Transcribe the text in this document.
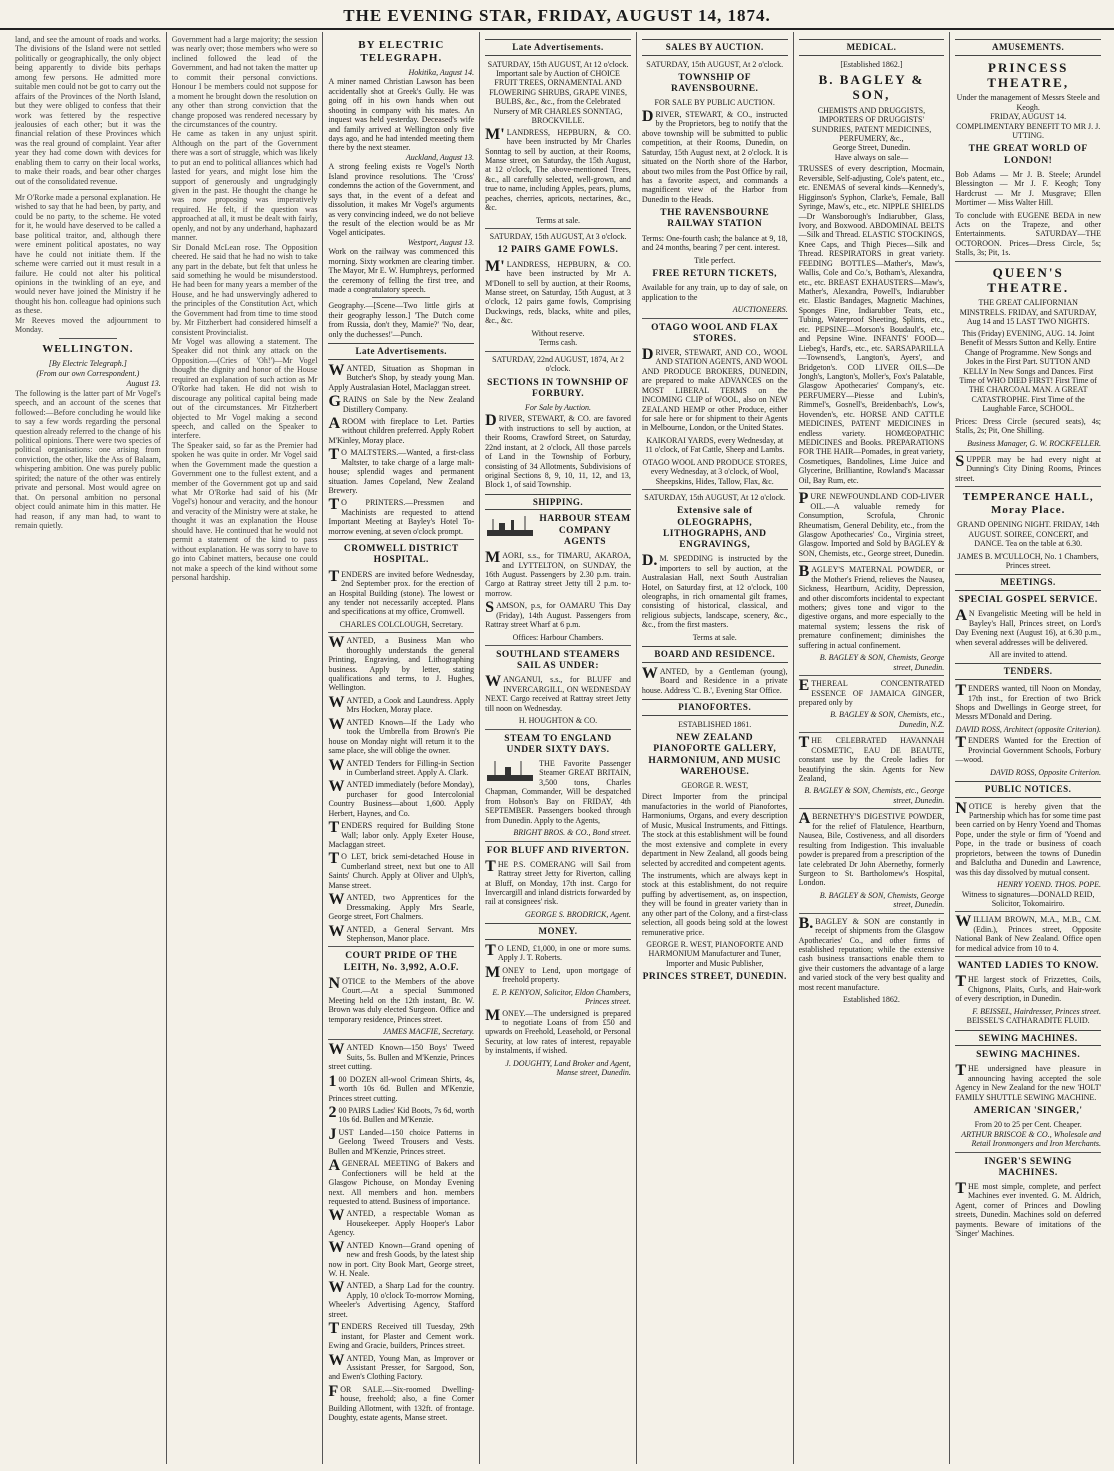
THE EVENING STAR, FRIDAY, AUGUST 14, 1874.

land, and see the amount of roads and works. The divisions of the Island were not settled politically or geographically, the only object being apparently to divide bits perhaps among few persons. He admitted more suitable men could not be got to carry out the affairs of the Provinces of the North Island, but they were obliged to confess that their work was fettered by the respective jealousies of each other; but it was the financial relation of these Provinces which was the real ground of complaint. Year after year they had come down with devices for enabling them to carry on their local works, to make their roads, and bear other charges out of the consolidated revenue.

Mr O'Rorke made a personal explanation. He wished to say that he had been, by party, and could be no party, to the scheme. He voted for it, he would have deserved to be called a base political traitor, and, although there were eminent political apostates, no way have he could not initiate them. If the scheme were carried out it must result in a failure. He could not alter his political opinions in the twinkling of an eye, and would never have joined the Ministry if he thought his hon. colleague had opinions such as these.

Mr Reeves moved the adjournment to Monday.

WELLINGTON.
[By Electric Telegraph.]
(From our own Correspondent.)
August 13.

The following is the latter part of Mr Vogel's speech, and an account of the scenes that followed:—Before concluding he would like to say a few words regarding the personal question already referred to the change of his political opinions. There were two species of political organisations: one arising from conviction, the other, like the Ass of Balaam, whispering ambition. One was purely public spirited; the nature of the other was entirely private and personal. Most would agree on that. On personal ambition no personal object could animate him in this matter. He had reason, if any man had, to want to remain quietly.

Government had a large majority; the session was nearly over; those members who were so inclined followed the lead of the Government, and had not taken the matter up to commit their personal convictions. Honour I be members could not suppose for a moment he brought down the resolution on any other than strong conviction that the change proposed was rendered necessary by the circumstances of the country.

He came as taken in any unjust spirit. Although on the part of the Government there was a sort of struggle, which was likely to put an end to political alliances which had lasted for years, and might lose him the support of generously and ungrudgingly given in the past. He thought the change he was now proposing was imperatively required. He felt, if the question was approached at all, it must be dealt with fairly, openly, and not by any underhand, haphazard manner.

Sir Donald McLean rose. The Opposition cheered. He said that he had no wish to take any part in the debate, but felt that unless he said something he would be misunderstood. He had been for many years a member of the House, and he had unswervingly adhered to the principles of the Constitution Act, which the Government had from time to time stood by. Mr Fitzherbert had considered himself a consistent Provincialist.

Mr Vogel was allowing a statement. The Speaker did not think any attack on the Opposition.—(Cries of 'Oh!')—Mr Vogel thought the dignity and honor of the House required an explanation of such action as Mr O'Rorke had taken. He did not wish to discourage any political capital being made out of the circumstances. Mr Fitzherbert objected to Mr Vogel making a second speech, and called on the Speaker to interfere.

The Speaker said, so far as the Premier had spoken he was quite in order. Mr Vogel said when the Government made the question a Government one to the fullest extent, and a member of the Government got up and said what Mr O'Rorke had said of his (Mr Vogel's) honour and veracity, and the honour and veracity of the Ministry were at stake, he thought it was an explanation the House should have. He continued that he would not permit a statement of the kind to pass without explanation. He was sorry to have to go into Cabinet matters, because one could not make a speech of the kind without some personal hardship.

BY ELECTRIC TELEGRAPH.
Hokitika, August 14.

A miner named Christian Lawson has been accidentally shot at Greek's Gully. He was going off in his own hands when out shooting in company with his mates. An inquest was held yesterday. Deceased's wife and family arrived at Wellington only five days ago, and he had intended meeting them there by the next steamer.

Auckland, August 13.

A strong feeling exists re Vogel's North Island province resolutions. The 'Cross' condemns the action of the Government, and says that, in the event of a defeat and dissolution, it makes Mr Vogel's arguments as very convincing indeed, we do not believe the result of the election would be as Mr Vogel anticipates.

Westport, August 13.

Work on the railway was commenced this morning. Sixty workmen are clearing timber. The Mayor, Mr E. W. Humphreys, performed the ceremony of felling the first tree, and made a congratulatory speech.

Geography.—[Scene—Two little girls at their geography lesson.] 'The Dutch come from Russia, don't they, Mamie?' 'No, dear, only the duchesses!'—Punch.

Late Advertisements.
WANTED, Situation as Shopman in Butcher's Shop, by steady young Man. Apply Australasian Hotel, Maclaggan street.
GRAINS on Sale by the New Zealand Distillery Company.
AROOM with fireplace to Let. Parties without children preferred. Apply Robert M'Kinley, Moray place.
TO MALTSTERS.—Wanted, a first-class Maltster, to take charge of a large malt-house; splendid wages and permanent situation. James Copeland, New Zealand Brewery.
TO PRINTERS.—Pressmen and Machinists are requested to attend Important Meeting at Bayley's Hotel To-morrow evening, at seven o'clock prompt.
CROMWELL DISTRICT HOSPITAL.
TENDERS are invited before Wednesday, 2nd September prox. for the erection of an Hospital Building (stone). The lowest or any tender not necessarily accepted. Plans and specifications at my office, Cromwell.
CHARLES COLCLOUGH, Secretary.
WANTED, a Business Man who thoroughly understands the general Printing, Engraving, and Lithographing business. Apply by letter, stating qualifications and terms, to J. Hughes, Wellington.
WANTED, a Cook and Laundress. Apply Mrs Hocken, Moray place.
WANTED Known—If the Lady who took the Umbrella from Brown's Pie house on Monday night will return it to the same place, she will oblige the owner.
WANTED Tenders for Filling-in Section in Cumberland street. Apply A. Clark.
WANTED immediately (before Monday), purchaser for good Intercolonial Country Business—about 1,600. Apply Herbert, Haynes, and Co.
TENDERS required for Building Stone Wall; labor only. Apply Exeter House, Maclaggan street.
TO LET, brick semi-detached House in Cumberland street, next but one to All Saints' Church. Apply at Oliver and Ulph's, Manse street.
WANTED, two Apprentices for the Dressmaking. Apply Mrs Searle, George street, Fort Chalmers.
WANTED, a General Servant. Mrs Stephenson, Manor place.
COURT PRIDE OF THE LEITH, No. 3,992, A.O.F.
NOTICE to the Members of the above Court.—At a special Summoned Meeting held on the 12th instant, Br. W. Brown was duly elected Surgeon. Office and temporary residence, Princes street.
JAMES MACFIE, Secretary.
WANTED Known—150 Boys' Tweed Suits, 5s. Bullen and M'Kenzie, Princes street cutting.
100 DOZEN all-wool Crimean Shirts, 4s, worth 10s 6d. Bullen and M'Kenzie, Princes street cutting.
200 PAIRS Ladies' Kid Boots, 7s 6d, worth 10s 6d. Bullen and M'Kenzie.
JUST Landed—150 choice Patterns in Geelong Tweed Trousers and Vests. Bullen and M'Kenzie, Princes street.
AGENERAL MEETING of Bakers and Confectioners will be held at the Glasgow Pichouse, on Monday Evening next. All members and hon. members requested to attend. Business of importance.
WANTED, a respectable Woman as Housekeeper. Apply Hooper's Labor Agency.
WANTED Known—Grand opening of new and fresh Goods, by the latest ship now in port. City Book Mart, George street, W. H. Neale.
WANTED, a Sharp Lad for the country. Apply, 10 o'clock To-morrow Morning, Wheeler's Advertising Agency, Stafford street.
TENDERS Received till Tuesday, 29th instant, for Plaster and Cement work. Ewing and Gracie, builders, Princes street.
WANTED, Young Man, as Improver or Assistant Presser, for Sargood, Son, and Ewen's Clothing Factory.
FOR SALE.—Six-roomed Dwelling-house, freehold; also, a fine Corner Building Allotment, with 132ft. of frontage. Doughty, estate agents, Manse street.
Late Advertisements.
SATURDAY, 15th AUGUST, At 12 o'clock.
Important sale by Auction of CHOICE FRUIT TREES, ORNAMENTAL AND FLOWERING SHRUBS, GRAPE VINES, BULBS, &c., &c., from the Celebrated Nursery of MR CHARLES SONNTAG, BROCKVILLE.
M'LANDRESS, HEPBURN, & CO. have been instructed by Mr Charles Sonntag to sell by auction, at their Rooms, Manse street, on Saturday, the 15th August, at 12 o'clock, The above-mentioned Trees, &c., all carefully selected, well-grown, and true to name, including Apples, pears, plums, peaches, cherries, apricots, nectarines, &c., &c.
Terms at sale.
SATURDAY, 15th AUGUST, At 3 o'clock.
12 PAIRS GAME FOWLS.
M'LANDRESS, HEPBURN, & CO. have been instructed by Mr A. M'Donell to sell by auction, at their Rooms, Manse street, on Saturday, 15th August, at 3 o'clock, 12 pairs game fowls, Comprising Duckwings, reds, blacks, white and piles, &c., &c.
Without reserve.
Terms cash.
SATURDAY, 22nd AUGUST, 1874, At 2 o'clock.
SECTIONS IN TOWNSHIP OF FORBURY.
For Sale by Auction.
DRIVER, STEWART, & CO. are favored with instructions to sell by auction, at their Rooms, Crawford Street, on Saturday, 22nd instant, at 2 o'clock, All those parcels of Land in the Township of Forbury, consisting of 34 Allotments, Subdivisions of original Sections 8, 9, 10, 11, 12, and 13, Block 1, of said Township.
SHIPPING.
HARBOUR STEAM COMPANY AGENTS
MAORI, s.s., for TIMARU, AKAROA, and LYTTELTON, on SUNDAY, the 16th August. Passengers by 2.30 p.m. train. Cargo at Rattray street Jetty till 2 p.m. to-morrow.
SAMSON, p.s, for OAMARU This Day (Friday), 14th August. Passengers from Rattray street Wharf at 6 p.m.
Offices: Harbour Chambers.
SOUTHLAND STEAMERS SAIL AS UNDER:
WANGANUI, s.s., for BLUFF and INVERCARGILL, ON WEDNESDAY NEXT. Cargo received at Rattray street Jetty till noon on Wednesday.
H. HOUGHTON & CO.
STEAM TO ENGLAND UNDER SIXTY DAYS.
THE Favorite Passenger Steamer GREAT BRITAIN, 3,500 tons, Charles Chapman, Commander, Will be despatched from Hobson's Bay on FRIDAY, 4th SEPTEMBER. Passengers booked through from Dunedin. Apply to the Agents,
BRIGHT BROS. & CO., Bond street.
FOR BLUFF AND RIVERTON.
THE P.S. COMERANG will Sail from Rattray street Jetty for Riverton, calling at Bluff, on Monday, 17th inst. Cargo for Invercargill and inland districts forwarded by rail at consignees' risk.
GEORGE S. BRODRICK, Agent.
MONEY.
TO LEND, £1,000, in one or more sums. Apply J. T. Roberts.
MONEY to Lend, upon mortgage of freehold property.
E. P. KENYON, Solicitor, Eldon Chambers, Princes street.
MONEY.—The undersigned is prepared to negotiate Loans of from £50 and upwards on Freehold, Leasehold, or Personal Security, at low rates of interest, repayable by instalments, if wished.
J. DOUGHTY, Land Broker and Agent, Manse street, Dunedin.
SALES BY AUCTION.
SATURDAY, 15th AUGUST, At 2 o'clock.
TOWNSHIP OF RAVENSBOURNE.
FOR SALE BY PUBLIC AUCTION.
DRIVER, STEWART, & CO., instructed by the Proprietors, beg to notify that the above township will be submitted to public competition, at their Rooms, Dunedin, on Saturday, 15th August next, at 2 o'clock. It is situated on the North shore of the Harbor, about two miles from the Post Office by rail, has a favorite aspect, and commands a magnificent view of the Harbor from Dunedin to the Heads.
THE RAVENSBOURNE RAILWAY STATION
Terms: One-fourth cash; the balance at 9, 18, and 24 months, bearing 7 per cent. interest.
Title perfect.
FREE RETURN TICKETS,
Available for any train, up to day of sale, on application to the
AUCTIONEERS.
OTAGO WOOL AND FLAX STORES.
DRIVER, STEWART, AND CO., WOOL AND STATION AGENTS, AND WOOL AND PRODUCE BROKERS, DUNEDIN, are prepared to make ADVANCES on the MOST LIBERAL TERMS on the INCOMING CLIP of WOOL, also on NEW ZEALAND HEMP or other Produce, either for sale here or for shipment to their Agents in Melbourne, London, or the United States.
KAIKORAI YARDS, every Wednesday, at 11 o'clock, of Fat Cattle, Sheep and Lambs.
OTAGO WOOL AND PRODUCE STORES, every Wednesday, at 3 o'clock, of Wool, Sheepskins, Hides, Tallow, Flax, &c.
SATURDAY, 15th AUGUST, At 12 o'clock.
Extensive sale of OLEOGRAPHS, LITHOGRAPHS, AND ENGRAVINGS,
D.M. SPEDDING is instructed by the importers to sell by auction, at the Australasian Hall, next South Australian Hotel, on Saturday first, at 12 o'clock, 100 oleographs, in rich ornamental gilt frames, consisting of historical, classical, and religious subjects, landscape, scenery, &c., &c., from the first masters.
Terms at sale.
BOARD AND RESIDENCE.
WANTED, by a Gentleman (young), Board and Residence in a private house. Address 'C. B.', Evening Star Office.
PIANOFORTES.
ESTABLISHED 1861.
NEW ZEALAND PIANOFORTE GALLERY, HARMONIUM, AND MUSIC WAREHOUSE.
GEORGE R. WEST,
Direct Importer from the principal manufactories in the world of Pianofortes, Harmoniums, Organs, and every description of Music, Musical Instruments, and Fittings. The stock at this establishment will be found the most extensive and complete in every department in New Zealand, all goods being selected by accredited and competent agents.
The instruments, which are always kept in stock at this establishment, do not require puffing by advertisement, as, on inspection, they will be found in greater variety than in any other part of the Colony, and a first-class selection, all goods being sold at the lowest remunerative price.
GEORGE R. WEST, PIANOFORTE AND HARMONIUM Manufacturer and Tuner, Importer and Music Publisher,
PRINCES STREET, DUNEDIN.
MEDICAL.
[Established 1862.]
B. BAGLEY & SON,
CHEMISTS AND DRUGGISTS, IMPORTERS OF DRUGGISTS' SUNDRIES, PATENT MEDICINES, PERFUMERY, &c.,
George Street, Dunedin.
Have always on sale—
TRUSSES of every description, Mocmain, Reversible, Self-adjusting, Cole's patent, etc., etc. ENEMAS of several kinds—Kennedy's, Higginson's Syphon, Clarke's, Female, Ball Syringe, Maw's, etc., etc. NIPPLE SHIELDS—Dr Wansborough's Indiarubber, Glass, Ivory, and Boxwood. ABDOMINAL BELTS—Silk and Thread. ELASTIC STOCKINGS, Knee Caps, and Thigh Pieces—Silk and Thread. RESPIRATORS in great variety. FEEDING BOTTLES—Mather's, Maw's, Wallis, Cole and Co.'s, Botham's, Alexandra, etc., etc. BREAST EXHAUSTERS—Maw's, Mather's, Alexandra, Powell's, Indiarubber etc. Elastic Bandages, Magnetic Machines, Sponges Fine, Indiarubber Teats, etc., Tubing, Waterproof Sheeting, Splints, etc., etc. PEPSINE—Morson's Boudault's, etc., and Pepsine Wine. INFANTS' FOOD—Liebeg's, Hard's, etc., etc. SARSAPARILLA—Townsend's, Langton's, Ayers', and Bridgeton's. COD LIVER OILS—De Jongh's, Langton's, Moller's, Fox's Palatable, Glasgow Apothecaries' Company's, etc. PERFUMERY—Piesse and Lubin's, Rimmel's, Gosnell's, Breidenbach's, Low's, Hovenden's, etc. HORSE AND CATTLE MEDICINES, PATENT MEDICINES in endless variety. HOMŒOPATHIC MEDICINES and Books. PREPARATIONS FOR THE HAIR—Pomades, in great variety, Cosmetiques, Bandolines, Lime Juice and Glycerine, Brilliantine, Rowland's Macassar Oil, Bay Rum, etc.
PURE NEWFOUNDLAND COD-LIVER OIL.—A valuable remedy for Consumption, Scrofula, Chronic Rheumatism, General Debility, etc., from the Glasgow Apothecaries' Co., Virginia street, Glasgow. Imported and Sold by BAGLEY & SON, Chemists, etc., George street, Dunedin.
BAGLEY'S MATERNAL POWDER, or the Mother's Friend, relieves the Nausea, Sickness, Heartburn, Acidity, Depression, and other discomforts incidental to expectant mothers; gives tone and vigor to the digestive organs, and more especially to the maternal system; lessens the risk of premature confinement; diminishes the suffering in actual confinement.
B. BAGLEY & SON, Chemists, George street, Dunedin.
ETHEREAL CONCENTRATED ESSENCE OF JAMAICA GINGER, prepared only by
B. BAGLEY & SON, Chemists, etc., Dunedin, N.Z.
THE CELEBRATED HAVANNAH COSMETIC, EAU DE BEAUTE, constant use by the Creole ladies for beautifying the skin. Agents for New Zealand,
B. BAGLEY & SON, Chemists, etc., George street, Dunedin.
ABERNETHY'S DIGESTIVE POWDER, for the relief of Flatulence, Heartburn, Nausea, Bile, Costiveness, and all disorders resulting from Indigestion. This invaluable powder is prepared from a prescription of the late celebrated Dr John Abernethy, formerly Surgeon to St. Bartholomew's Hospital, London.
B. BAGLEY & SON, Chemists, George street, Dunedin.
B.BAGLEY & SON are constantly in receipt of shipments from the Glasgow Apothecaries' Co., and other firms of established reputation; while the extensive cash business transactions enable them to give their customers the advantage of a large and varied stock of the very best quality and most recent manufacture.
Established 1862.
AMUSEMENTS.
PRINCESS THEATRE,
Under the management of Messrs Steele and Keogh.
FRIDAY, AUGUST 14. COMPLIMENTARY BENEFIT TO MR J. J. UTTING.
THE GREAT WORLD OF LONDON!
Bob Adams — Mr J. B. Steele; Arundel Blessington — Mr J. F. Keogh; Tony Hardcrust — Mr J. Musgrave; Ellen Mortimer — Miss Walter Hill.
To conclude with EUGENE BEDA in new Acts on the Trapeze, and other Entertainments. SATURDAY—THE OCTOROON. Prices—Dress Circle, 5s; Stalls, 3s; Pit, 1s.
QUEEN'S THEATRE.
THE GREAT CALIFORNIAN MINSTRELS. FRIDAY, and SATURDAY, Aug 14 and 15 LAST TWO NIGHTS.
This (Friday) EVENING, AUG. 14. Joint Benefit of Messrs Sutton and Kelly. Entire Change of Programme. New Songs and Jokes in the First Part. SUTTON AND KELLY In New Songs and Dances. First Time of WHO DIED FIRST! First Time of THE CHARCOAL MAN. A GREAT CATASTROPHE. First Time of the Laughable Farce, SCHOOL.
Prices: Dress Circle (secured seats), 4s; Stalls, 2s; Pit, One Shilling.
Business Manager, G. W. ROCKFELLER.
SUPPER may be had every night at Dunning's City Dining Rooms, Princes street.
TEMPERANCE HALL, Moray Place.
GRAND OPENING NIGHT. FRIDAY, 14th AUGUST. SOIREE, CONCERT, and DANCE. Tea on the table at 6.30.
JAMES B. M'CULLOCH, No. 1 Chambers, Princes street.
MEETINGS.
SPECIAL GOSPEL SERVICE.
AN Evangelistic Meeting will be held in Bayley's Hall, Princes street, on Lord's Day Evening next (August 16), at 6.30 p.m., when several addresses will be delivered.
All are invited to attend.
TENDERS.
TENDERS wanted, till Noon on Monday, 17th inst., for Erection of two Brick Shops and Dwellings in George street, for Messrs M'Donald and Dering.
DAVID ROSS, Architect (opposite Criterion).
TENDERS Wanted for the Erection of Provincial Government Schools, Forbury—wood.
DAVID ROSS, Opposite Criterion.
PUBLIC NOTICES.
NOTICE is hereby given that the Partnership which has for some time past been carried on by Henry Yoend and Thomas Pope, under the style or firm of 'Yoend and Pope, in the trade or business of coach proprietors, between the towns of Dunedin and Balclutha and Dunedin and Lawrence, was this day dissolved by mutual consent.
HENRY YOEND. THOS. POPE.
Witness to signatures—DONALD REID, Solicitor, Tokomairiro.
WILLIAM BROWN, M.A., M.B., C.M. (Edin.), Princes street, Opposite National Bank of New Zealand. Office open for medical advice from 10 to 4.
WANTED LADIES TO KNOW.
THE largest stock of Frizzettes, Coils, Chignons, Plaits, Curls, and Hair-work of every description, in Dunedin.
F. BEISSEL, Hairdresser, Princes street.
BEISSEL'S CATHARADITE FLUID.
SEWING MACHINES.
SEWING MACHINES.
THE undersigned have pleasure in announcing having accepted the sole Agency in New Zealand for the new 'HOLT' FAMILY SHUTTLE SEWING MACHINE.
AMERICAN 'SINGER,'
From 20 to 25 per Cent. Cheaper.
ARTHUR BRISCOE & CO., Wholesale and Retail Ironmongers and Iron Merchants.
INGER'S SEWING MACHINES.
THE most simple, complete, and perfect Machines ever invented. G. M. Aldrich, Agent, corner of Princes and Dowling streets, Dunedin. Machines sold on deferred payments. Beware of imitations of the 'Singer' Machines.
